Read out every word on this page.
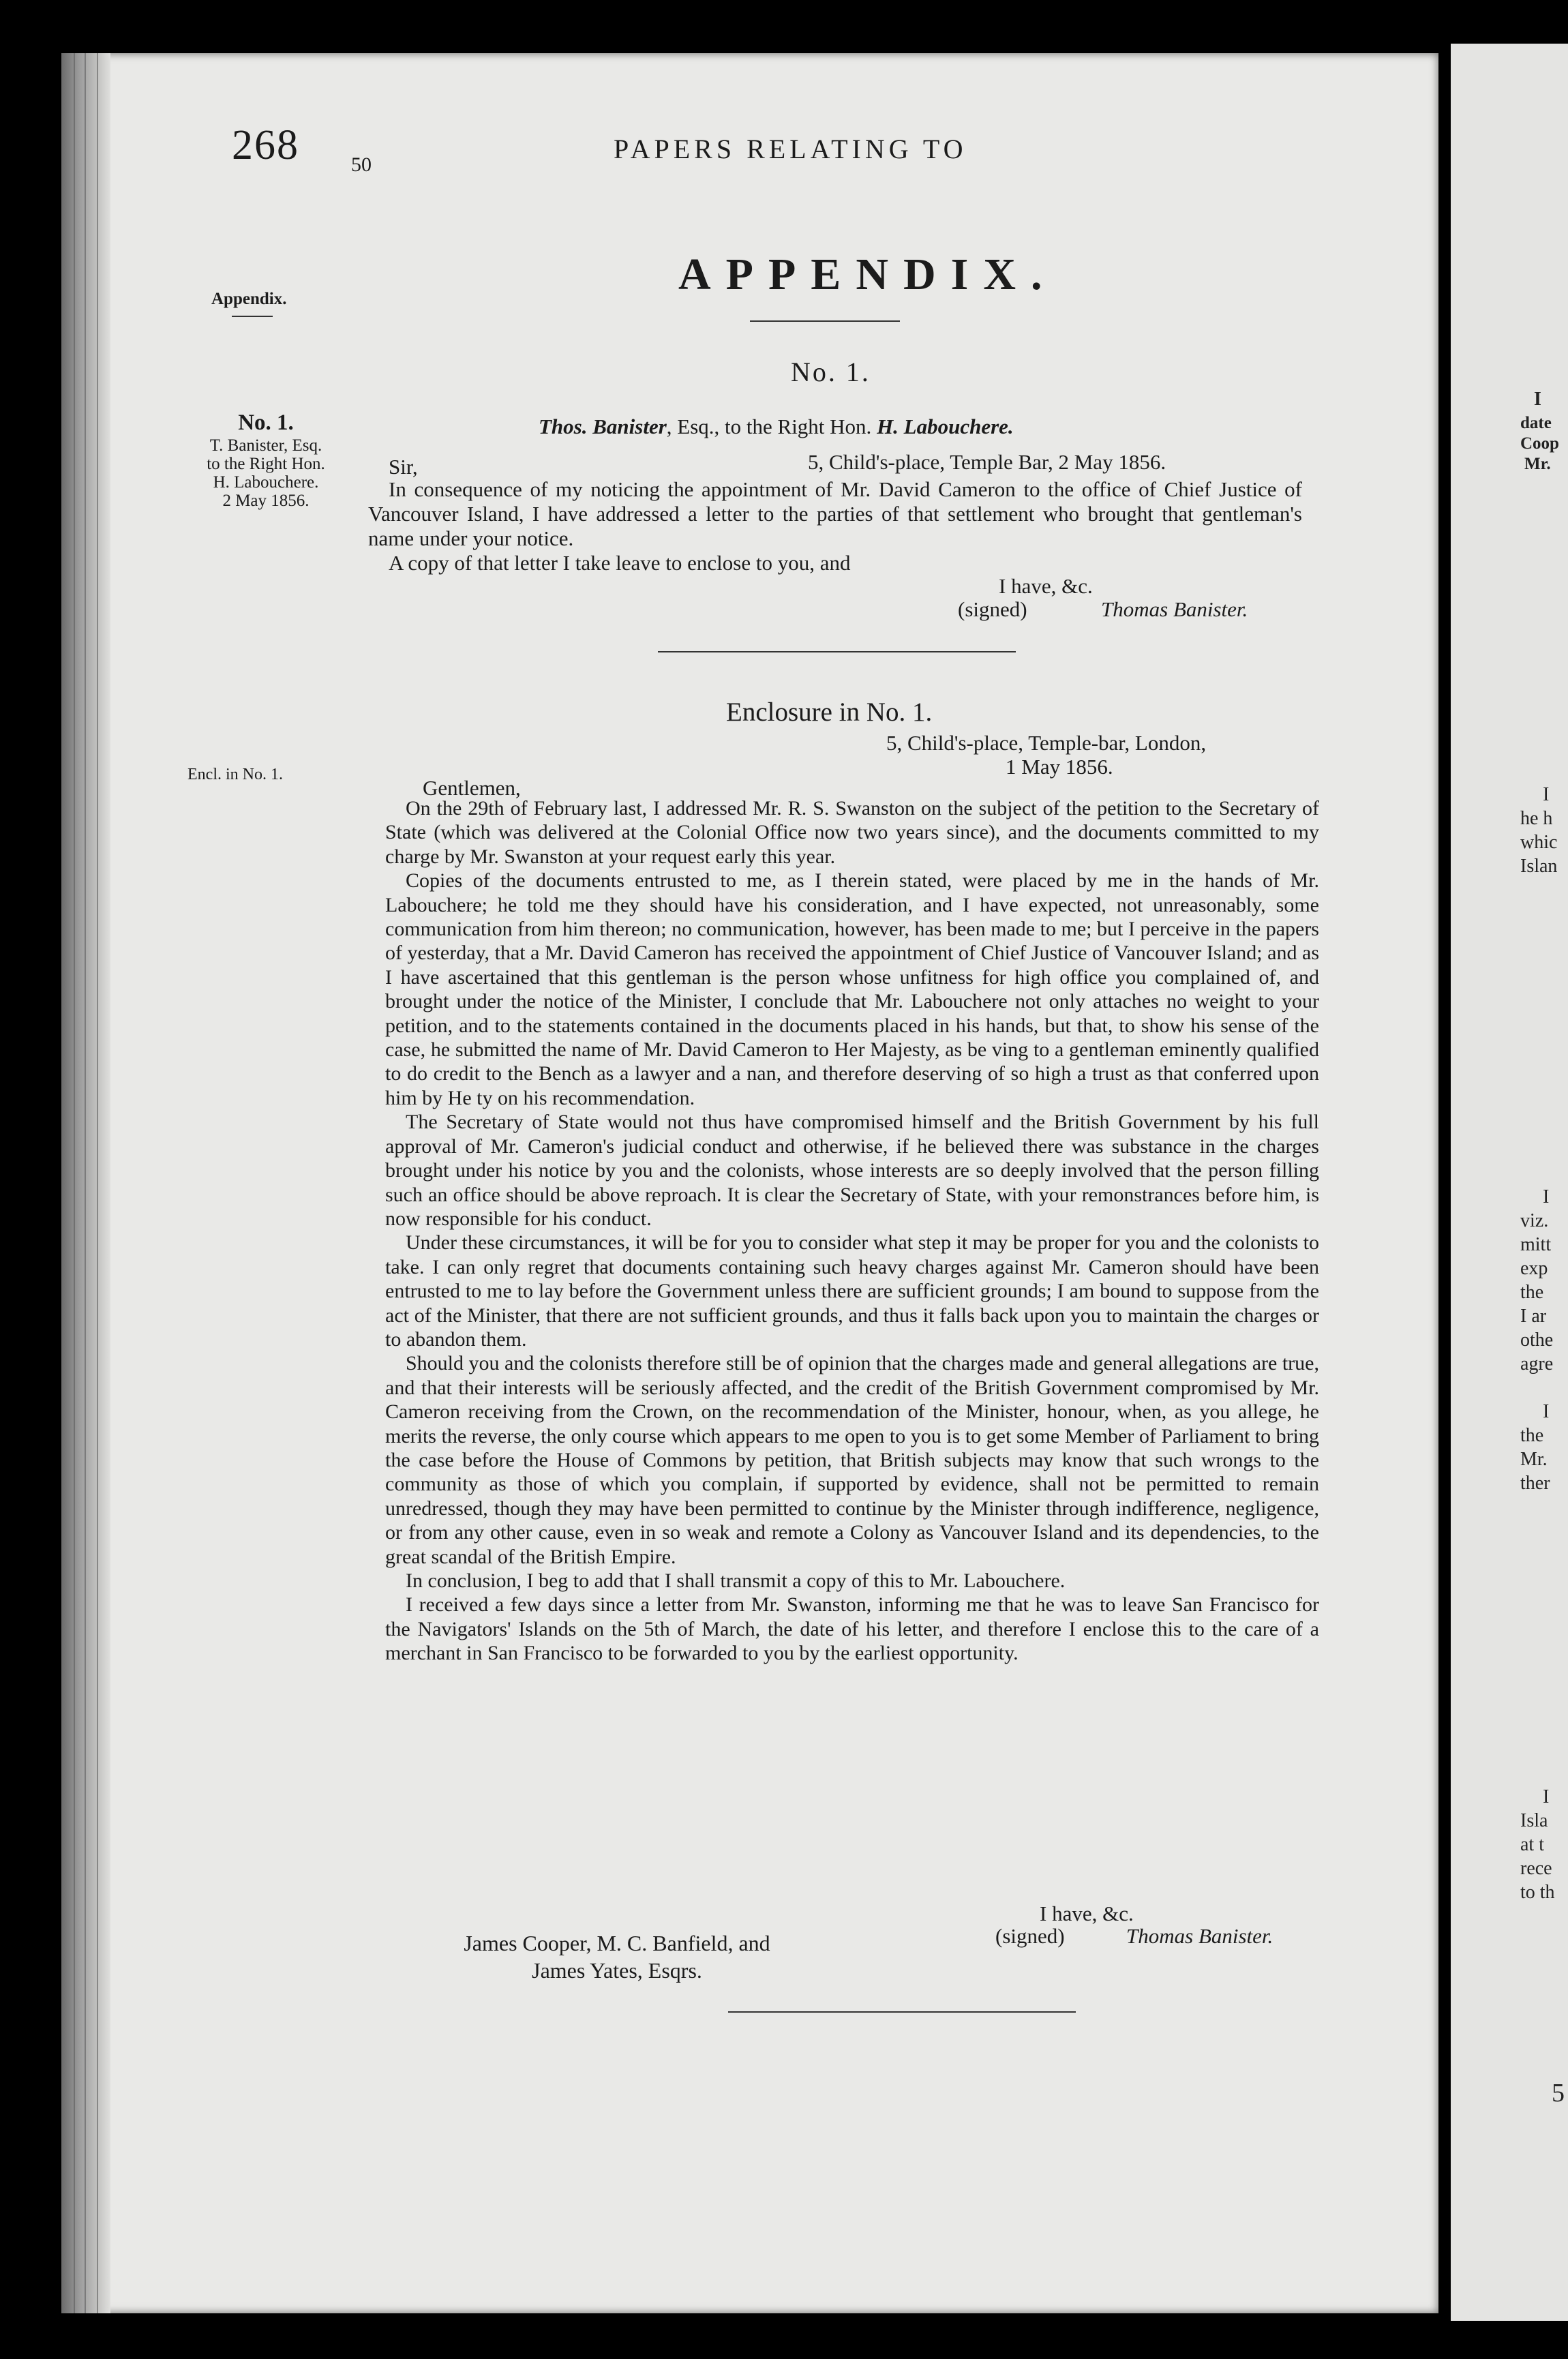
I
date
Coop
Mr.
I
he h
whic
Islan
I
viz.
mitt
exp
the
I ar
othe
agre
I
the
Mr.
ther
I
Isla
at t
rece
to th
5
268	50
PAPERS RELATING TO
APPENDIX.
Appendix.
No. 1.
T. Banister, Esq.
to the Right Hon.
H. Labouchere.
2 May 1856.
Encl. in No. 1.
No. 1.
Thos. Banister, Esq., to the Right Hon. H. Labouchere.
Sir,	5, Child's-place, Temple Bar, 2 May 1856.

In consequence of my noticing the appointment of Mr. David Cameron to the office of Chief Justice of Vancouver Island, I have addressed a letter to the parties of that settlement who brought that gentleman's name under your notice.

A copy of that letter I take leave to enclose to you, and

I have, &c.
(signed)	Thomas Banister.
Enclosure in No. 1.
5, Child's-place, Temple-bar, London,
1 May 1856.
Gentlemen,

On the 29th of February last, I addressed Mr. R. S. Swanston on the subject of the petition to the Secretary of State (which was delivered at the Colonial Office now two years since), and the documents committed to my charge by Mr. Swanston at your request early this year.

Copies of the documents entrusted to me, as I therein stated, were placed by me in the hands of Mr. Labouchere; he told me they should have his consideration, and I have expected, not unreasonably, some communication from him thereon; no communication, however, has been made to me; but I perceive in the papers of yesterday, that a Mr. David Cameron has received the appointment of Chief Justice of Vancouver Island; and as I have ascertained that this gentleman is the person whose unfitness for high office you complained of, and brought under the notice of the Minister, I conclude that Mr. Labouchere not only attaches no weight to your petition, and to the statements contained in the documents placed in his hands, but that, to show his sense of the case, he submitted the name of Mr. David Cameron to Her Majesty, as be ving to a gentleman eminently qualified to do credit to the Bench as a lawyer and a nan, and therefore deserving of so high a trust as that conferred upon him by He ty on his recommendation.

The Secretary of State would not thus have compromised himself and the British Government by his full approval of Mr. Cameron's judicial conduct and otherwise, if he believed there was substance in the charges brought under his notice by you and the colonists, whose interests are so deeply involved that the person filling such an office should be above reproach. It is clear the Secretary of State, with your remonstrances before him, is now responsible for his conduct.

Under these circumstances, it will be for you to consider what step it may be proper for you and the colonists to take. I can only regret that documents containing such heavy charges against Mr. Cameron should have been entrusted to me to lay before the Government unless there are sufficient grounds; I am bound to suppose from the act of the Minister, that there are not sufficient grounds, and thus it falls back upon you to maintain the charges or to abandon them.

Should you and the colonists therefore still be of opinion that the charges made and general allegations are true, and that their interests will be seriously affected, and the credit of the British Government compromised by Mr. Cameron receiving from the Crown, on the recommendation of the Minister, honour, when, as you allege, he merits the reverse, the only course which appears to me open to you is to get some Member of Parliament to bring the case before the House of Commons by petition, that British subjects may know that such wrongs to the community as those of which you complain, if supported by evidence, shall not be permitted to remain unredressed, though they may have been permitted to continue by the Minister through indifference, negligence, or from any other cause, even in so weak and remote a Colony as Vancouver Island and its dependencies, to the great scandal of the British Empire.

In conclusion, I beg to add that I shall transmit a copy of this to Mr. Labouchere.

I received a few days since a letter from Mr. Swanston, informing me that he was to leave San Francisco for the Navigators' Islands on the 5th of March, the date of his letter, and therefore I enclose this to the care of a merchant in San Francisco to be forwarded to you by the earliest opportunity.

I have, &c.
(signed)	Thomas Banister.
James Cooper, M. C. Banfield, and
James Yates, Esqrs.
